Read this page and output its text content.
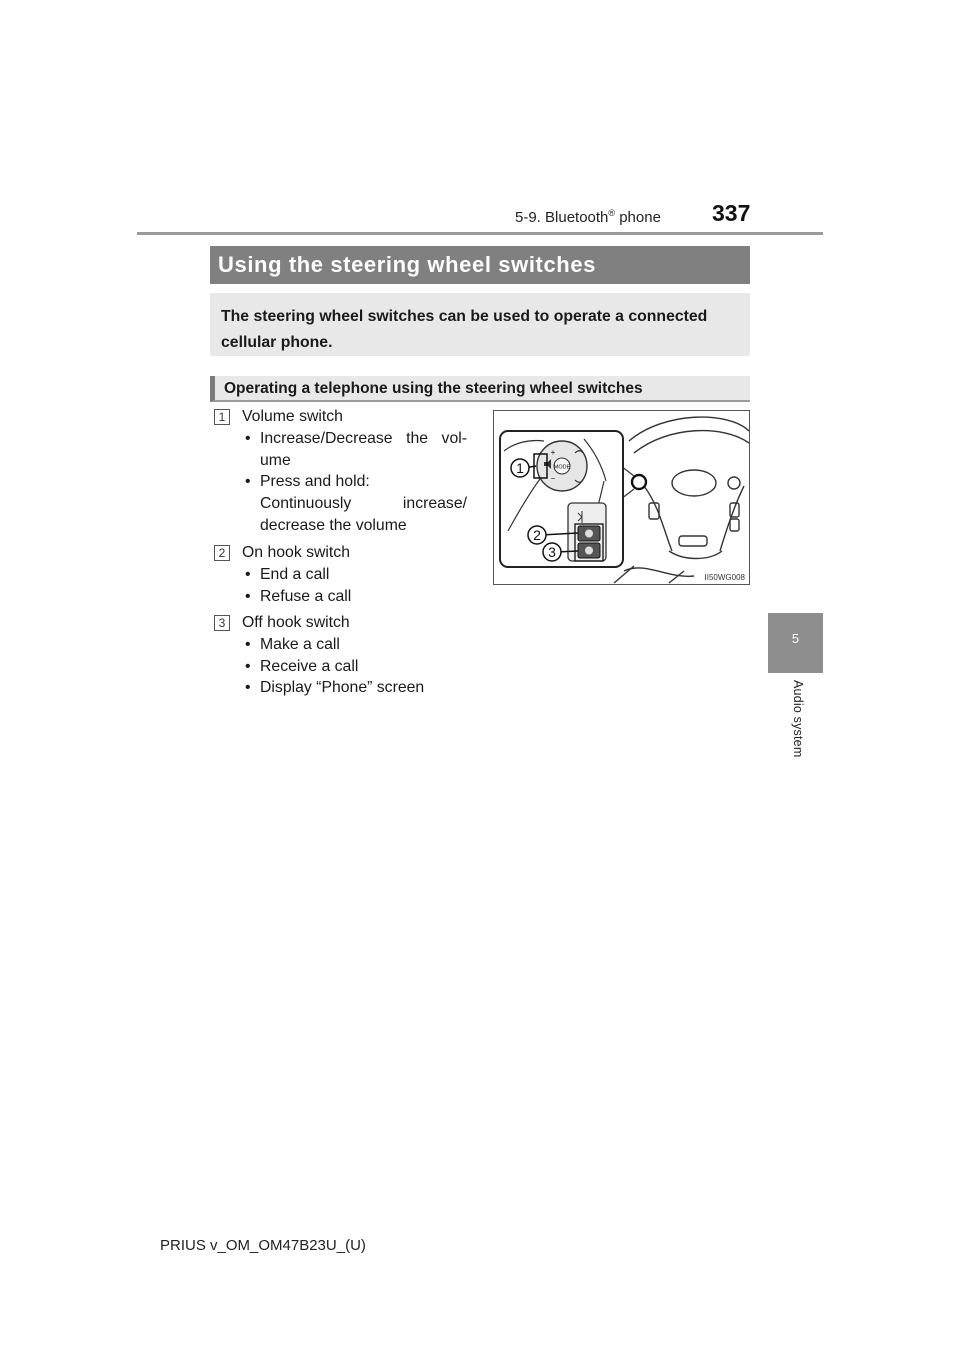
5-9. Bluetooth® phone 337
5
Audio system
Using the steering wheel switches
The steering wheel switches can be used to operate a connected cellular phone.
Operating a telephone using the steering wheel switches
1 Volume switch
• Increase/Decrease the vol-
ume
• Press and hold:
Continuously increase/
decrease the volume
2 On hook switch
• End a call
• Refuse a call
3 Off hook switch
• Make a call
• Receive a call
• Display “Phone” screen
MODE
+
−
1
2
3
II50WG008
PRIUS v_OM_OM47B23U_(U)
